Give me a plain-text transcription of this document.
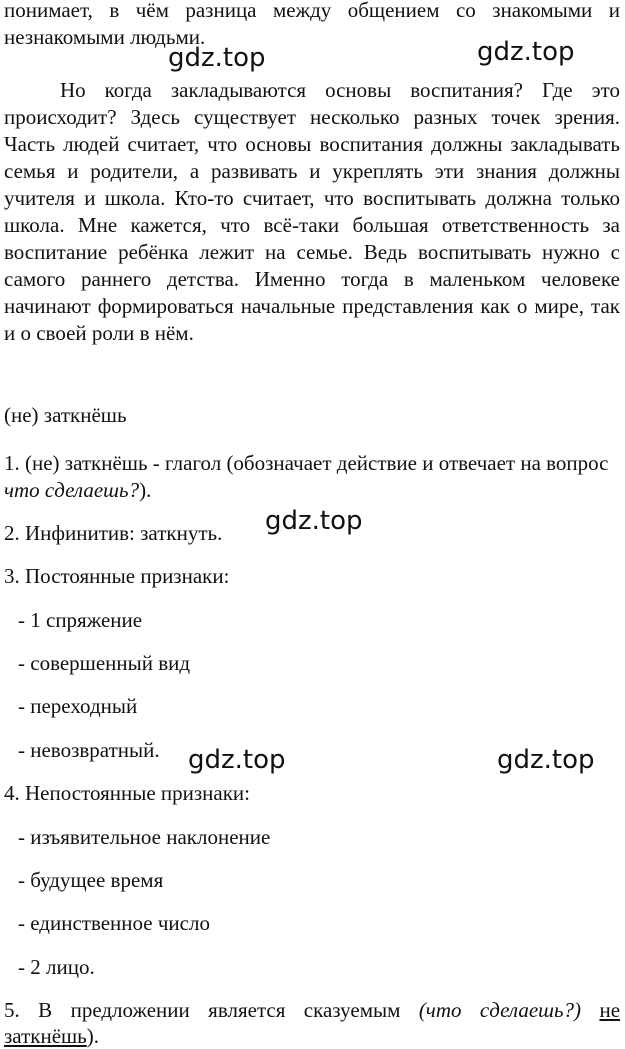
понимает, в чём разница между общением со знакомыми и
незнакомыми людьми.
Но когда закладываются основы воспитания? Где это
происходит? Здесь существует несколько разных точек зрения.
Часть людей считает, что основы воспитания должны закладывать
семья и родители, а развивать и укреплять эти знания должны
учителя и школа. Кто-то считает, что воспитывать должна только
школа. Мне кажется, что всё-таки большая ответственность за
воспитание ребёнка лежит на семье. Ведь воспитывать нужно с
самого раннего детства. Именно тогда в маленьком человеке
начинают формироваться начальные представления как о мире, так
и о своей роли в нём.
(не) заткнёшь
1. (не) заткнёшь - глагол (обозначает действие и отвечает на вопрос
что сделаешь?).
2. Инфинитив: заткнуть.
3. Постоянные признаки:
- 1 спряжение
- совершенный вид
- переходный
- невозвратный.
4. Непостоянные признаки:
- изъявительное наклонение
- будущее время
- единственное число
- 2 лицо.
5. В предложении является сказуемым (что сделаешь?) не
заткнёшь).
gdz.top	gdz.top
gdz.top
gdz.top	gdz.top
